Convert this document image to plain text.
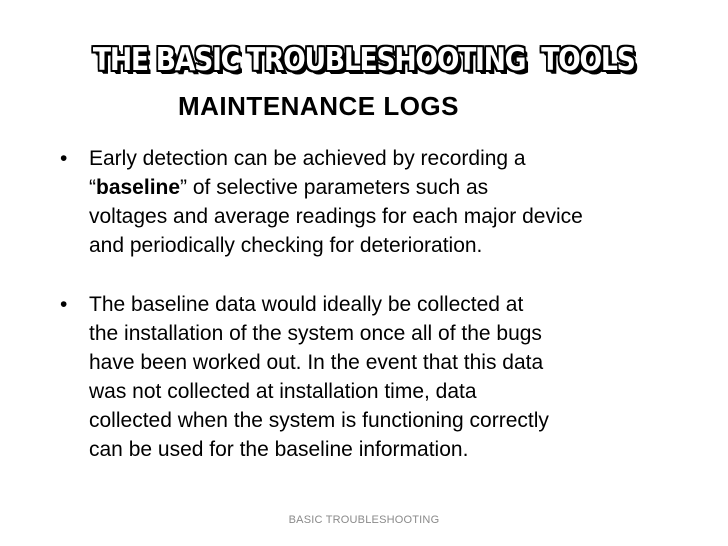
THE BASIC TROUBLESHOOTING  TOOLS
MAINTENANCE LOGS
• Early detection can be achieved by recording a
“baseline” of selective parameters such as
voltages and average readings for each major device
and periodically checking for deterioration.
• The baseline data would ideally be collected at
the installation of the system once all of the bugs
have been worked out. In the event that this data
was not collected at installation time, data
collected when the system is functioning correctly
can be used for the baseline information.
BASIC TROUBLESHOOTING
